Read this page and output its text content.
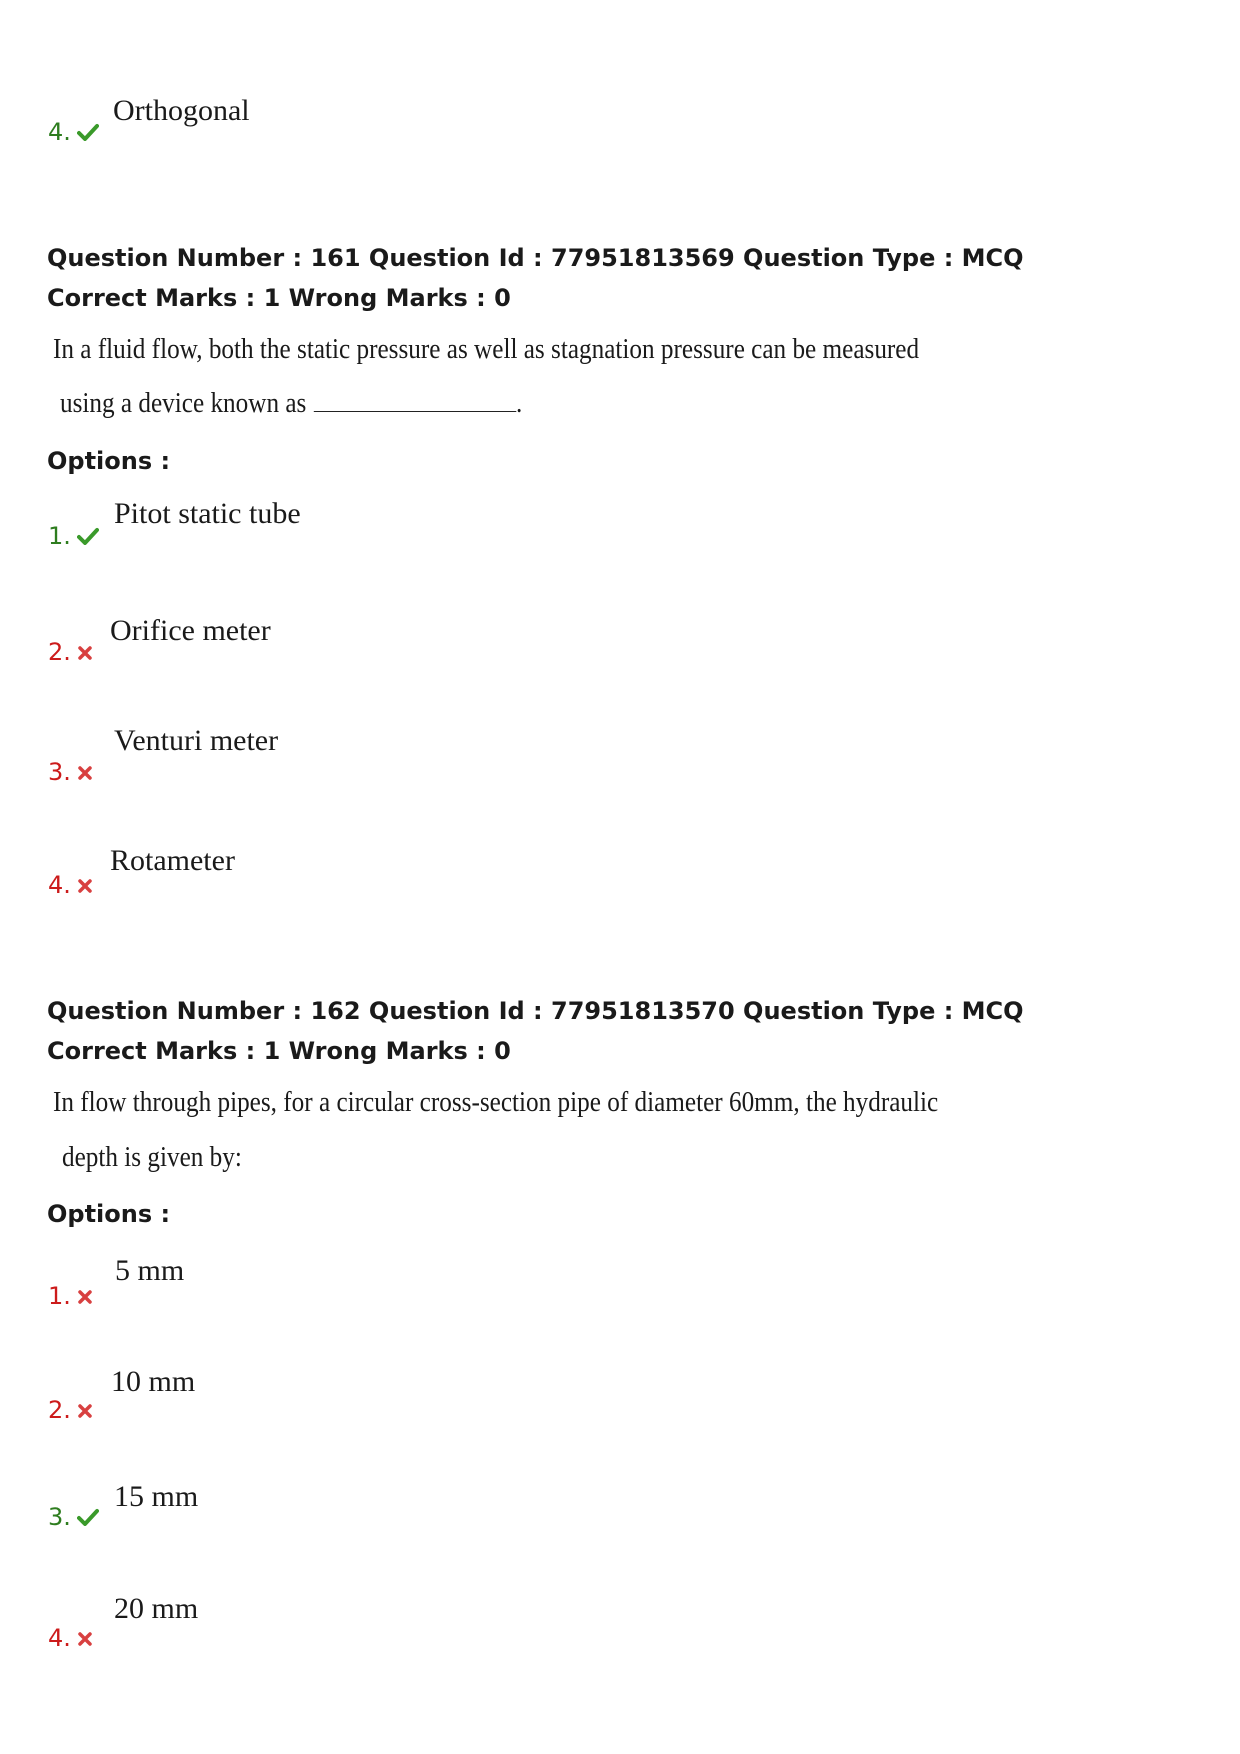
4.
Orthogonal
Question Number : 161 Question Id : 77951813569 Question Type : MCQ
Correct Marks : 1 Wrong Marks : 0
In a fluid flow, both the static pressure as well as stagnation pressure can be measured
using a device known as	.
Options :
1.
Pitot static tube
2.
Orifice meter
3.
Venturi meter
4.
Rotameter
Question Number : 162 Question Id : 77951813570 Question Type : MCQ
Correct Marks : 1 Wrong Marks : 0
In flow through pipes, for a circular cross-section pipe of diameter 60mm, the hydraulic
depth is given by:
Options :
1.
5 mm
2.
10 mm
3.
15 mm
4.
20 mm
